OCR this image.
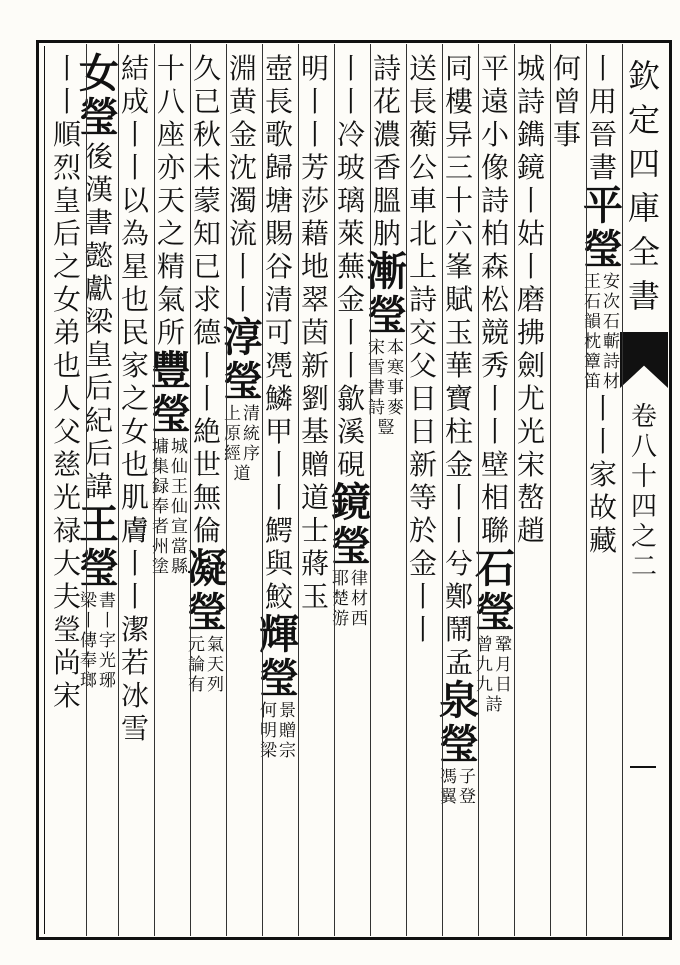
欽
定
四
庫
全
書
卷
八
十
四
之
二
丨
用
晉
書
平
瑩
王安
石次
韻石
枕蘄
簟詩
笛材
丨
丨
家
故
藏
何
曾
事
城
詩
鐫
鏡
丨
姑
丨
磨
拂
劍
尤
光
宋
嶅
趙
平
遠
小
像
詩
柏
森
松
競
秀
丨
丨
壁
相
聯
石
瑩
曾鞏
九月
九日
詩
同
樓
异
三
十
六
峯
賦
玉
華
寶
柱
金
丨
丨
兮
鄭
鬧
孟
泉
瑩
馮子
翼登
送
長
蘅
公
車
北
上
詩
交
父
日
日
新
等
於
金
丨
丨
詩
花
濃
香
膃
肭
漸
瑩
宋本
雪寒
書事
詩麥
豎
丨
丨
冷
玻
璃
萊
蕪
金
丨
丨
歙
溪
硯
鏡
瑩
耶律
楚材
游西
明
丨
丨
芳
莎
藉
地
翠
茵
新
劉
基
贈
道
士
蔣
玉
壺
長
歌
歸
塘
賜
谷
清
可
凴
鱗
甲
丨
丨
鰐
與
鮫
輝
瑩
何景
明贈
梁宗
淵
黄
金
沈
濁
流
丨
丨
淳
瑩
上清
原統
經序
道
久
已
秋
未
蒙
知
已
求
德
丨
丨
絶
世
無
倫
凝
瑩
元氣
論天
有列
十
八
座
亦
天
之
精
氣
所
豐
瑩
墉城
集仙
録王
奉仙
者宣
州當
塗縣
結
成
丨
丨
以
為
星
也
民
家
之
女
也
肌
膚
丨
丨
潔
若
冰
雪
女
瑩
後
漢
書
懿
獻
梁
皇
后
紀
后
諱
王
瑩
梁書
丨丨
傳字
奉光
瑯琊
丨
丨
順
烈
皇
后
之
女
弟
也
人
父
慈
光
禄
大
夫
瑩
尚
宋
